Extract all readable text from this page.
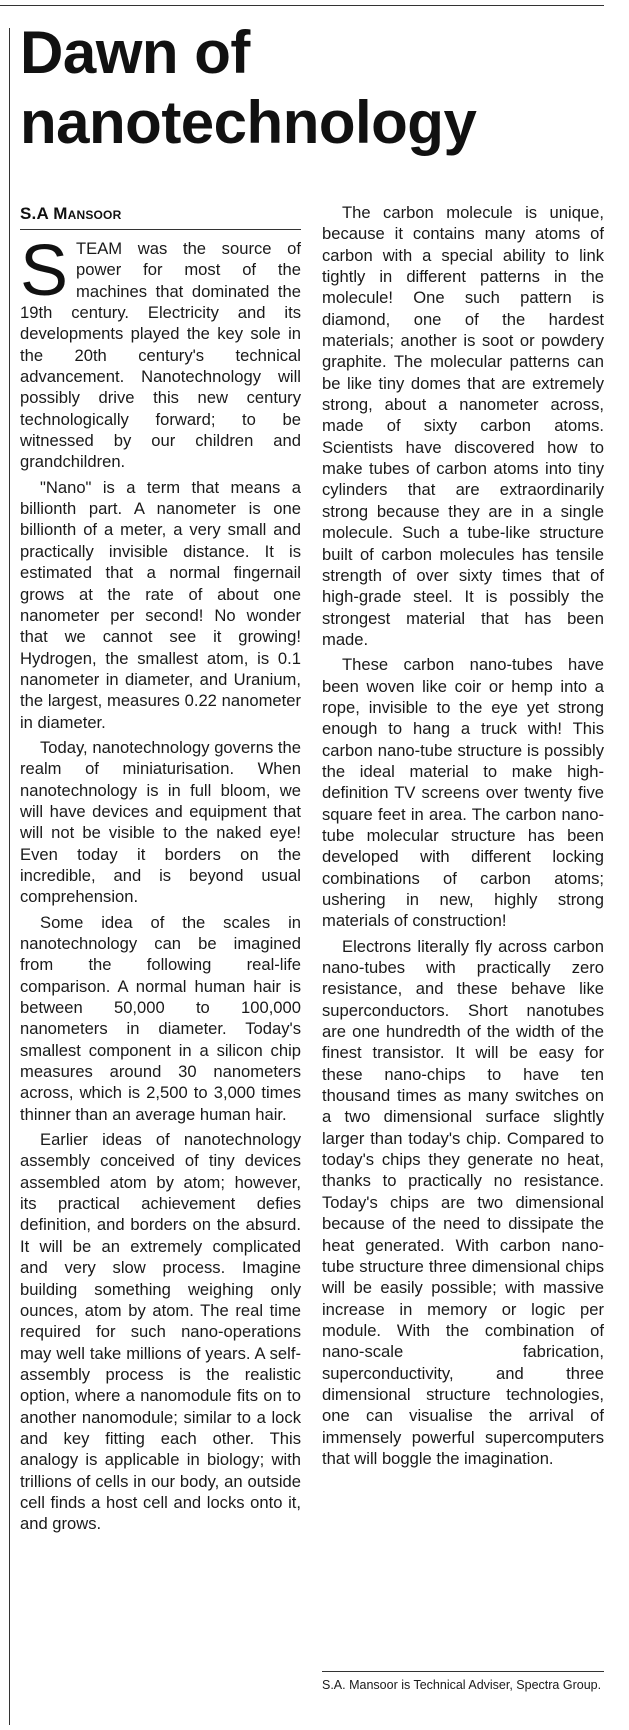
Dawn of nanotechnology
S.A Mansoor

STEAM was the source of power for most of the machines that dominated the 19th century. Electricity and its developments played the key sole in the 20th century's technical advancement. Nanotechnology will possibly drive this new century technologically forward; to be witnessed by our children and grandchildren.

"Nano" is a term that means a billionth part. A nanometer is one billionth of a meter, a very small and practically invisible distance. It is estimated that a normal fingernail grows at the rate of about one nanometer per second! No wonder that we cannot see it growing! Hydrogen, the smallest atom, is 0.1 nanometer in diameter, and Uranium, the largest, measures 0.22 nanometer in diameter.

Today, nanotechnology governs the realm of miniaturisation. When nanotechnology is in full bloom, we will have devices and equipment that will not be visible to the naked eye! Even today it borders on the incredible, and is beyond usual comprehension.

Some idea of the scales in nanotechnology can be imagined from the following real-life comparison. A normal human hair is between 50,000 to 100,000 nanometers in diameter. Today's smallest component in a silicon chip measures around 30 nanometers across, which is 2,500 to 3,000 times thinner than an average human hair.

Earlier ideas of nanotechnology assembly conceived of tiny devices assembled atom by atom; however, its practical achievement defies definition, and borders on the absurd. It will be an extremely complicated and very slow process. Imagine building something weighing only ounces, atom by atom. The real time required for such nano-operations may well take millions of years. A self-assembly process is the realistic option, where a nanomodule fits on to another nanomodule; similar to a lock and key fitting each other. This analogy is applicable in biology; with trillions of cells in our body, an outside cell finds a host cell and locks onto it, and grows.

The carbon molecule is unique, because it contains many atoms of carbon with a special ability to link tightly in different patterns in the molecule! One such pattern is diamond, one of the hardest materials; another is soot or powdery graphite. The molecular patterns can be like tiny domes that are extremely strong, about a nanometer across, made of sixty carbon atoms. Scientists have discovered how to make tubes of carbon atoms into tiny cylinders that are extraordinarily strong because they are in a single molecule. Such a tube-like structure built of carbon molecules has tensile strength of over sixty times that of high-grade steel. It is possibly the strongest material that has been made.

These carbon nano-tubes have been woven like coir or hemp into a rope, invisible to the eye yet strong enough to hang a truck with! This carbon nano-tube structure is possibly the ideal material to make high-definition TV screens over twenty five square feet in area. The carbon nano-tube molecular structure has been developed with different locking combinations of carbon atoms; ushering in new, highly strong materials of construction!

Electrons literally fly across carbon nano-tubes with practically zero resistance, and these behave like superconductors. Short nanotubes are one hundredth of the width of the finest transistor. It will be easy for these nano-chips to have ten thousand times as many switches on a two dimensional surface slightly larger than today's chip. Compared to today's chips they generate no heat, thanks to practically no resistance. Today's chips are two dimensional because of the need to dissipate the heat generated. With carbon nano-tube structure three dimensional chips will be easily possible; with massive increase in memory or logic per module. With the combination of nano-scale fabrication, superconductivity, and three dimensional structure technologies, one can visualise the arrival of immensely powerful supercomputers that will boggle the imagination.

S.A. Mansoor is Technical Adviser, Spectra Group.
